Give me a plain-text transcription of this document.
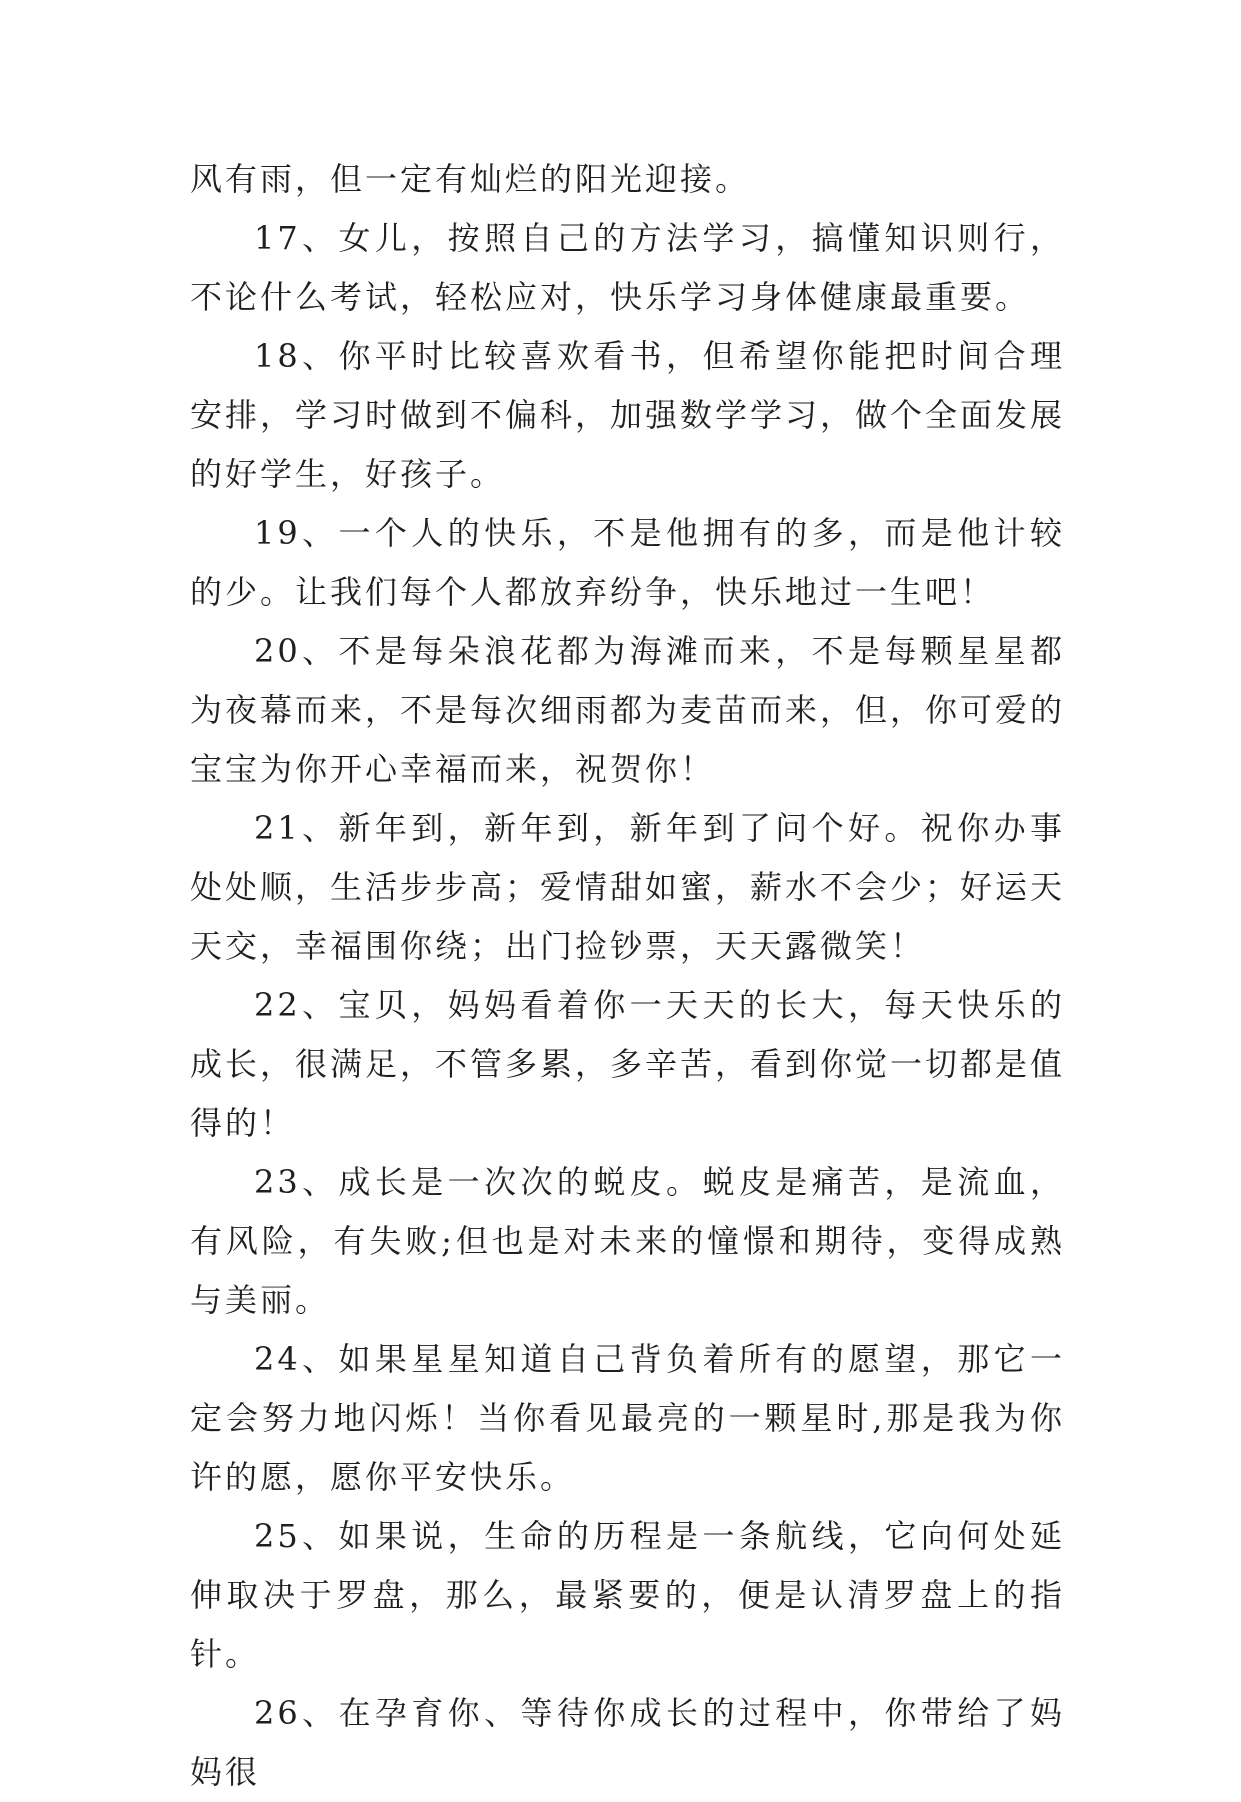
风有雨，但一定有灿烂的阳光迎接。

17、女儿，按照自己的方法学习，搞懂知识则行，不论什么考试，轻松应对，快乐学习身体健康最重要。

18、你平时比较喜欢看书，但希望你能把时间合理安排，学习时做到不偏科，加强数学学习，做个全面发展的好学生，好孩子。

19、一个人的快乐，不是他拥有的多，而是他计较的少。让我们每个人都放弃纷争，快乐地过一生吧！

20、不是每朵浪花都为海滩而来，不是每颗星星都为夜幕而来，不是每次细雨都为麦苗而来，但，你可爱的宝宝为你开心幸福而来，祝贺你！

21、新年到，新年到，新年到了问个好。祝你办事处处顺，生活步步高；爱情甜如蜜，薪水不会少；好运天天交，幸福围你绕；出门捡钞票，天天露微笑！

22、宝贝，妈妈看着你一天天的长大，每天快乐的成长，很满足，不管多累，多辛苦，看到你觉一切都是值得的！

23、成长是一次次的蜕皮。蜕皮是痛苦，是流血，有风险，有失败;但也是对未来的憧憬和期待，变得成熟与美丽。

24、如果星星知道自己背负着所有的愿望，那它一定会努力地闪烁！当你看见最亮的一颗星时,那是我为你许的愿，愿你平安快乐。

25、如果说，生命的历程是一条航线，它向何处延伸取决于罗盘，那么，最紧要的，便是认清罗盘上的指针。

26、在孕育你、等待你成长的过程中，你带给了妈妈很
